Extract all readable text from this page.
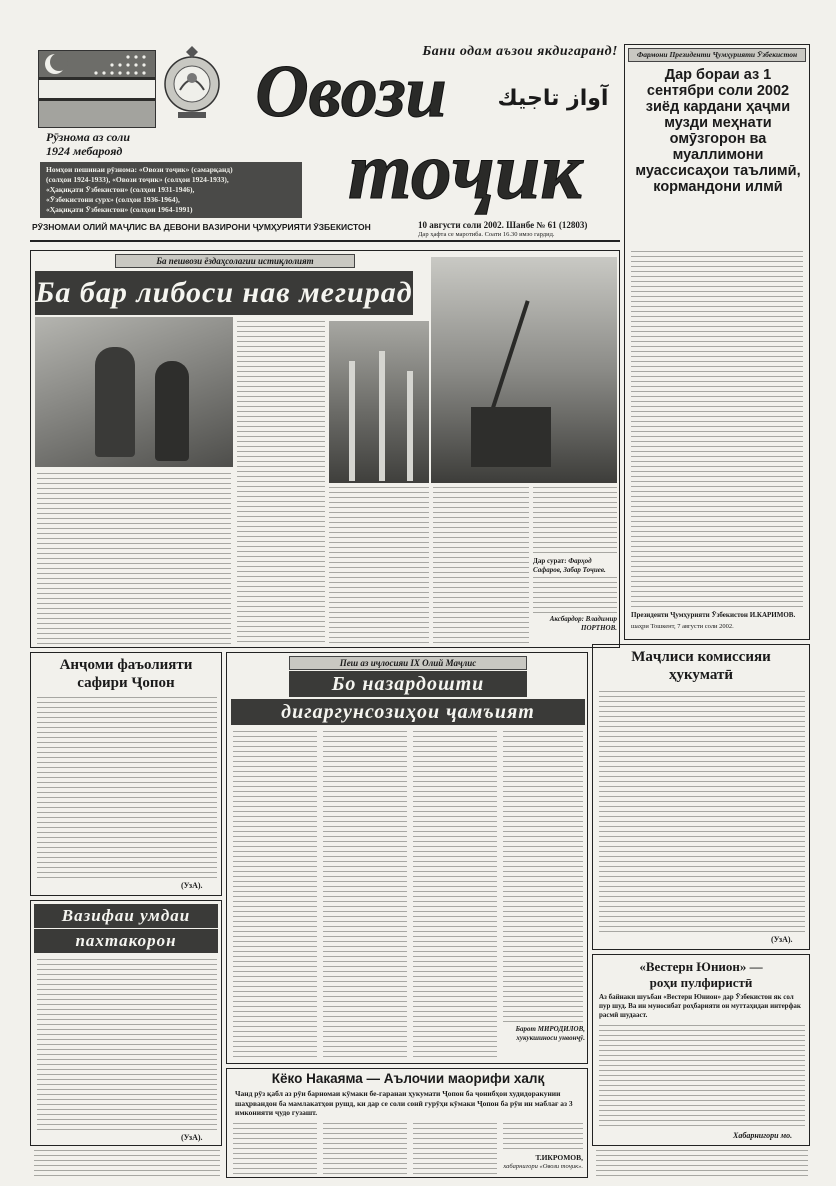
Бани одам аъзои якдигаранд!
Овози
тоҷик
آواز تاجيك
Рӯзнома аз соли
1924 мебарояд
Номҳои пешинаи рӯзнома: «Овози тоҷик» (самарқанд)
(солҳои 1924-1933), «Овози тоҷик» (солҳои 1924-1933),
«Ҳақиқати Ӯзбекистон» (солҳои 1931-1946),
«Ӯзбекистони сурх» (солҳои 1936-1964),
«Ҳақиқати Ӯзбекистон» (солҳои 1964-1991)
РӮЗНОМАИ ОЛИЙ МАҶЛИС ВА ДЕВОНИ ВАЗИРОНИ ҶУМҲУРИЯТИ ӮЗБЕКИСТОН	10 августи соли 2002. Шанбе № 61 (12803)
Дар ҳафта се маротиба. Соати 16.30 имзо гардид.
Фармони Президенти Ҷумҳурияти Ӯзбекистон
Дар бораи аз 1 сентябри соли 2002 зиёд кардани ҳаҷми музди меҳнати омӯзгорон ва муаллимони муассисаҳои таълимӣ, кормандони илмӣ
Президенти Ҷумҳурияти Ӯзбекистон И.КАРИМОВ.
шаҳри Тошкент, 7 августи соли 2002.
Ба пешвози ёздаҳсолагии истиқлолият
Ба бар либоси нав мегирад
Дар сурат: Фарҳод Сафаров, Забар Тоҷиев.
Аксбардор: Владимир ПОРТНОВ.
Анҷоми фаъолияти
сафири Ҷопон
(УзА).
Вазифаи умдаи
пахтакорон
(УзА).
Пеш аз иҷлосияи IX Олий Маҷлис
Бо назардошти
дигаргунсозиҳои ҷамъият
Барот МИРОДИЛОВ, хукукшиноси унвонҷӯ.
Маҷлиси комиссияи
ҳукуматӣ
(УзА).
«Вестерн Юнион» —
роҳи пулфиристӣ
Аз байнаки шуъбаи «Вестерн Юнион» дар Ӯзбекистон як сол пур шуд. Ва ин муносибат роҳбарияти он муттаҳидаи интерфак расмӣ шудааст.
Хабарнигори мо.
Кёко Накаяма — Аълочии маорифи халқ
Чанд рӯз қабл аз рӯи барномаи кӯмаки бе-гаранаи ҳукумати Ҷопон ба ҷонибҳои худидоракунии шаҳрвандон ба мамлакатҳои рушд, ки дар се соли сонӣ гурӯҳи кӯмаки Ҷопон ба рӯи ин маблағ аз 3 имконияти ҷудо гузашт.
Т.ИКРОМОВ,
хабарнигори «Овози тоҷик».
